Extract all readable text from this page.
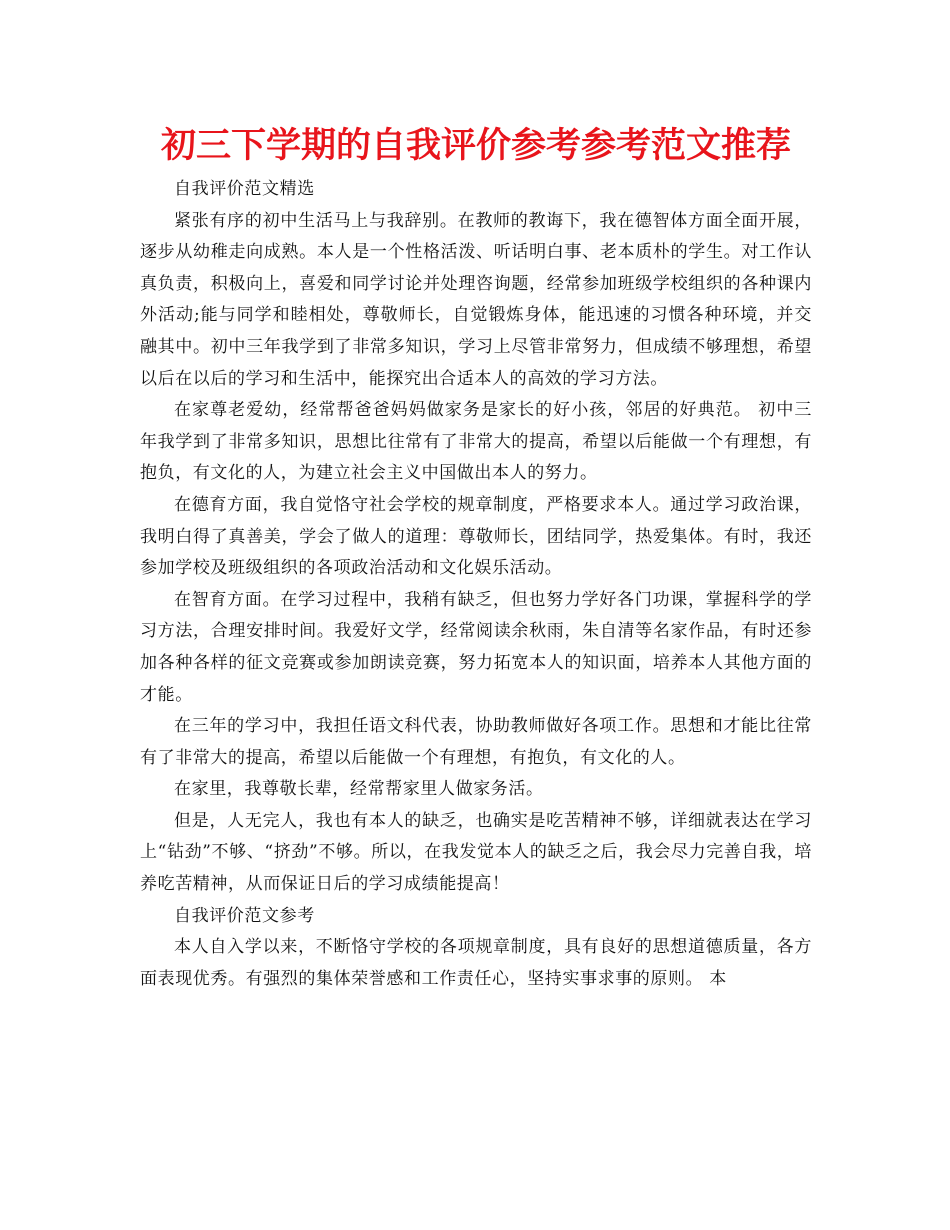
初三下学期的自我评价参考参考范文推荐

自我评价范文精选

紧张有序的初中生活马上与我辞别。在教师的教诲下，我在德智体方面全面开展，逐步从幼稚走向成熟。本人是一个性格活泼、听话明白事、老本质朴的学生。对工作认真负责，积极向上，喜爱和同学讨论并处理咨询题，经常参加班级学校组织的各种课内外活动;能与同学和睦相处，尊敬师长，自觉锻炼身体，能迅速的习惯各种环境，并交融其中。初中三年我学到了非常多知识，学习上尽管非常努力，但成绩不够理想，希望以后在以后的学习和生活中，能探究出合适本人的高效的学习方法。

在家尊老爱幼，经常帮爸爸妈妈做家务是家长的好小孩，邻居的好典范。 初中三年我学到了非常多知识，思想比往常有了非常大的提高，希望以后能做一个有理想，有抱负，有文化的人，为建立社会主义中国做出本人的努力。

在德育方面，我自觉恪守社会学校的规章制度，严格要求本人。通过学习政治课，我明白得了真善美，学会了做人的道理：尊敬师长，团结同学，热爱集体。有时，我还参加学校及班级组织的各项政治活动和文化娱乐活动。

在智育方面。在学习过程中，我稍有缺乏，但也努力学好各门功课，掌握科学的学习方法，合理安排时间。我爱好文学，经常阅读余秋雨，朱自清等名家作品，有时还参加各种各样的征文竞赛或参加朗读竞赛，努力拓宽本人的知识面，培养本人其他方面的才能。

在三年的学习中，我担任语文科代表，协助教师做好各项工作。思想和才能比往常有了非常大的提高，希望以后能做一个有理想，有抱负，有文化的人。

在家里，我尊敬长辈，经常帮家里人做家务活。

但是，人无完人，我也有本人的缺乏，也确实是吃苦精神不够，详细就表达在学习上“钻劲”不够、“挤劲”不够。所以，在我发觉本人的缺乏之后，我会尽力完善自我，培养吃苦精神，从而保证日后的学习成绩能提高！

自我评价范文参考

本人自入学以来，不断恪守学校的各项规章制度，具有良好的思想道德质量，各方面表现优秀。有强烈的集体荣誉感和工作责任心，坚持实事求事的原则。 本
